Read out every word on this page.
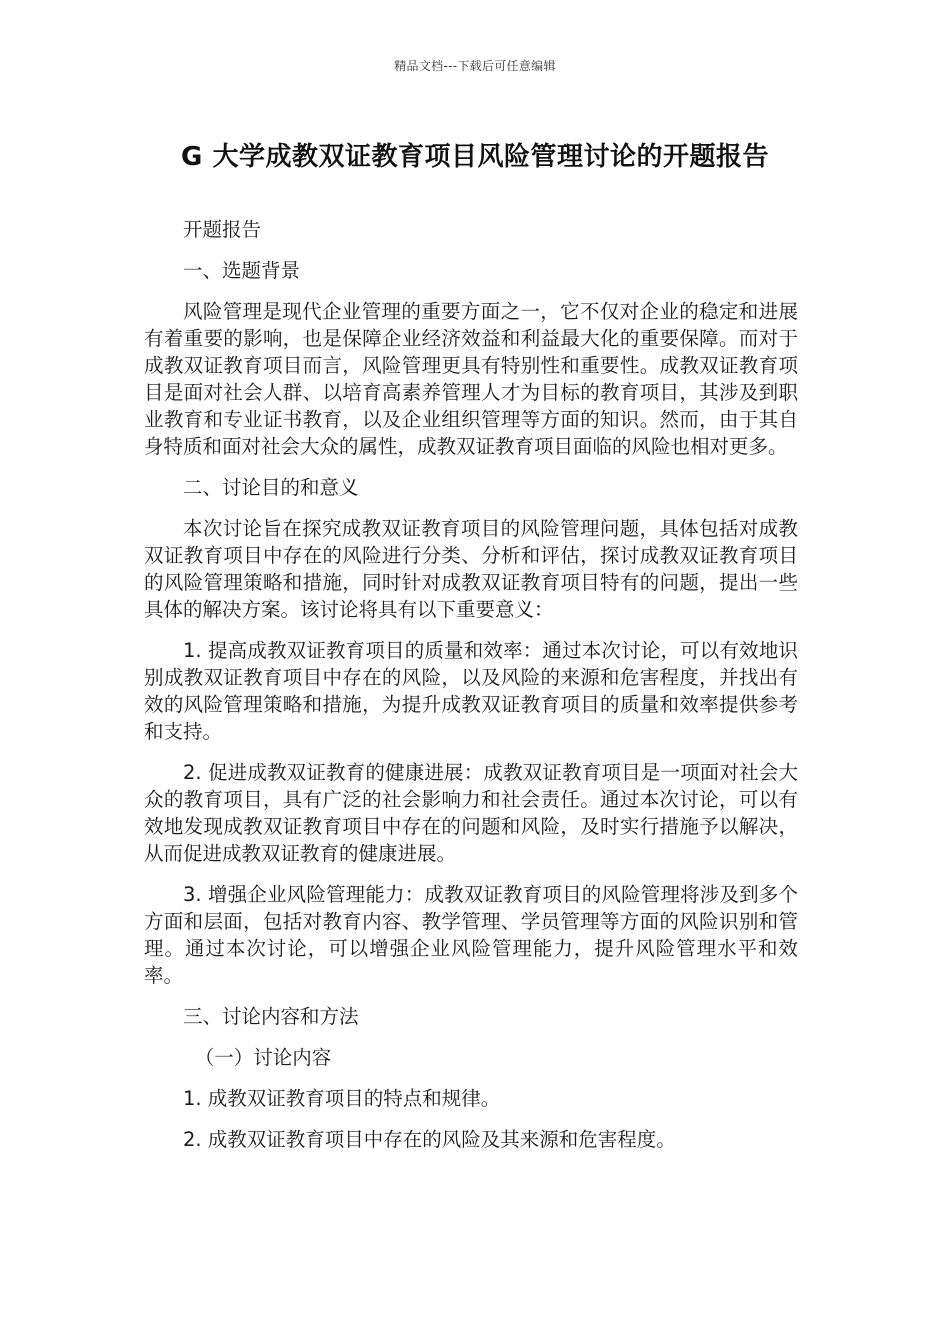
精品文档---下载后可任意编辑
G 大学成教双证教育项目风险管理讨论的开题报告

开题报告

一、选题背景

风险管理是现代企业管理的重要方面之一，它不仅对企业的稳定和进展有着重要的影响，也是保障企业经济效益和利益最大化的重要保障。而对于成教双证教育项目而言，风险管理更具有特别性和重要性。成教双证教育项目是面对社会人群、以培育高素养管理人才为目标的教育项目，其涉及到职业教育和专业证书教育，以及企业组织管理等方面的知识。然而，由于其自身特质和面对社会大众的属性，成教双证教育项目面临的风险也相对更多。

二、讨论目的和意义

本次讨论旨在探究成教双证教育项目的风险管理问题，具体包括对成教双证教育项目中存在的风险进行分类、分析和评估，探讨成教双证教育项目的风险管理策略和措施，同时针对成教双证教育项目特有的问题，提出一些具体的解决方案。该讨论将具有以下重要意义：

1. 提高成教双证教育项目的质量和效率：通过本次讨论，可以有效地识别成教双证教育项目中存在的风险，以及风险的来源和危害程度，并找出有效的风险管理策略和措施，为提升成教双证教育项目的质量和效率提供参考和支持。

2. 促进成教双证教育的健康进展：成教双证教育项目是一项面对社会大众的教育项目，具有广泛的社会影响力和社会责任。通过本次讨论，可以有效地发现成教双证教育项目中存在的问题和风险，及时实行措施予以解决，从而促进成教双证教育的健康进展。

3. 增强企业风险管理能力：成教双证教育项目的风险管理将涉及到多个方面和层面，包括对教育内容、教学管理、学员管理等方面的风险识别和管理。通过本次讨论，可以增强企业风险管理能力，提升风险管理水平和效率。

三、讨论内容和方法

（一）讨论内容

1. 成教双证教育项目的特点和规律。

2. 成教双证教育项目中存在的风险及其来源和危害程度。
